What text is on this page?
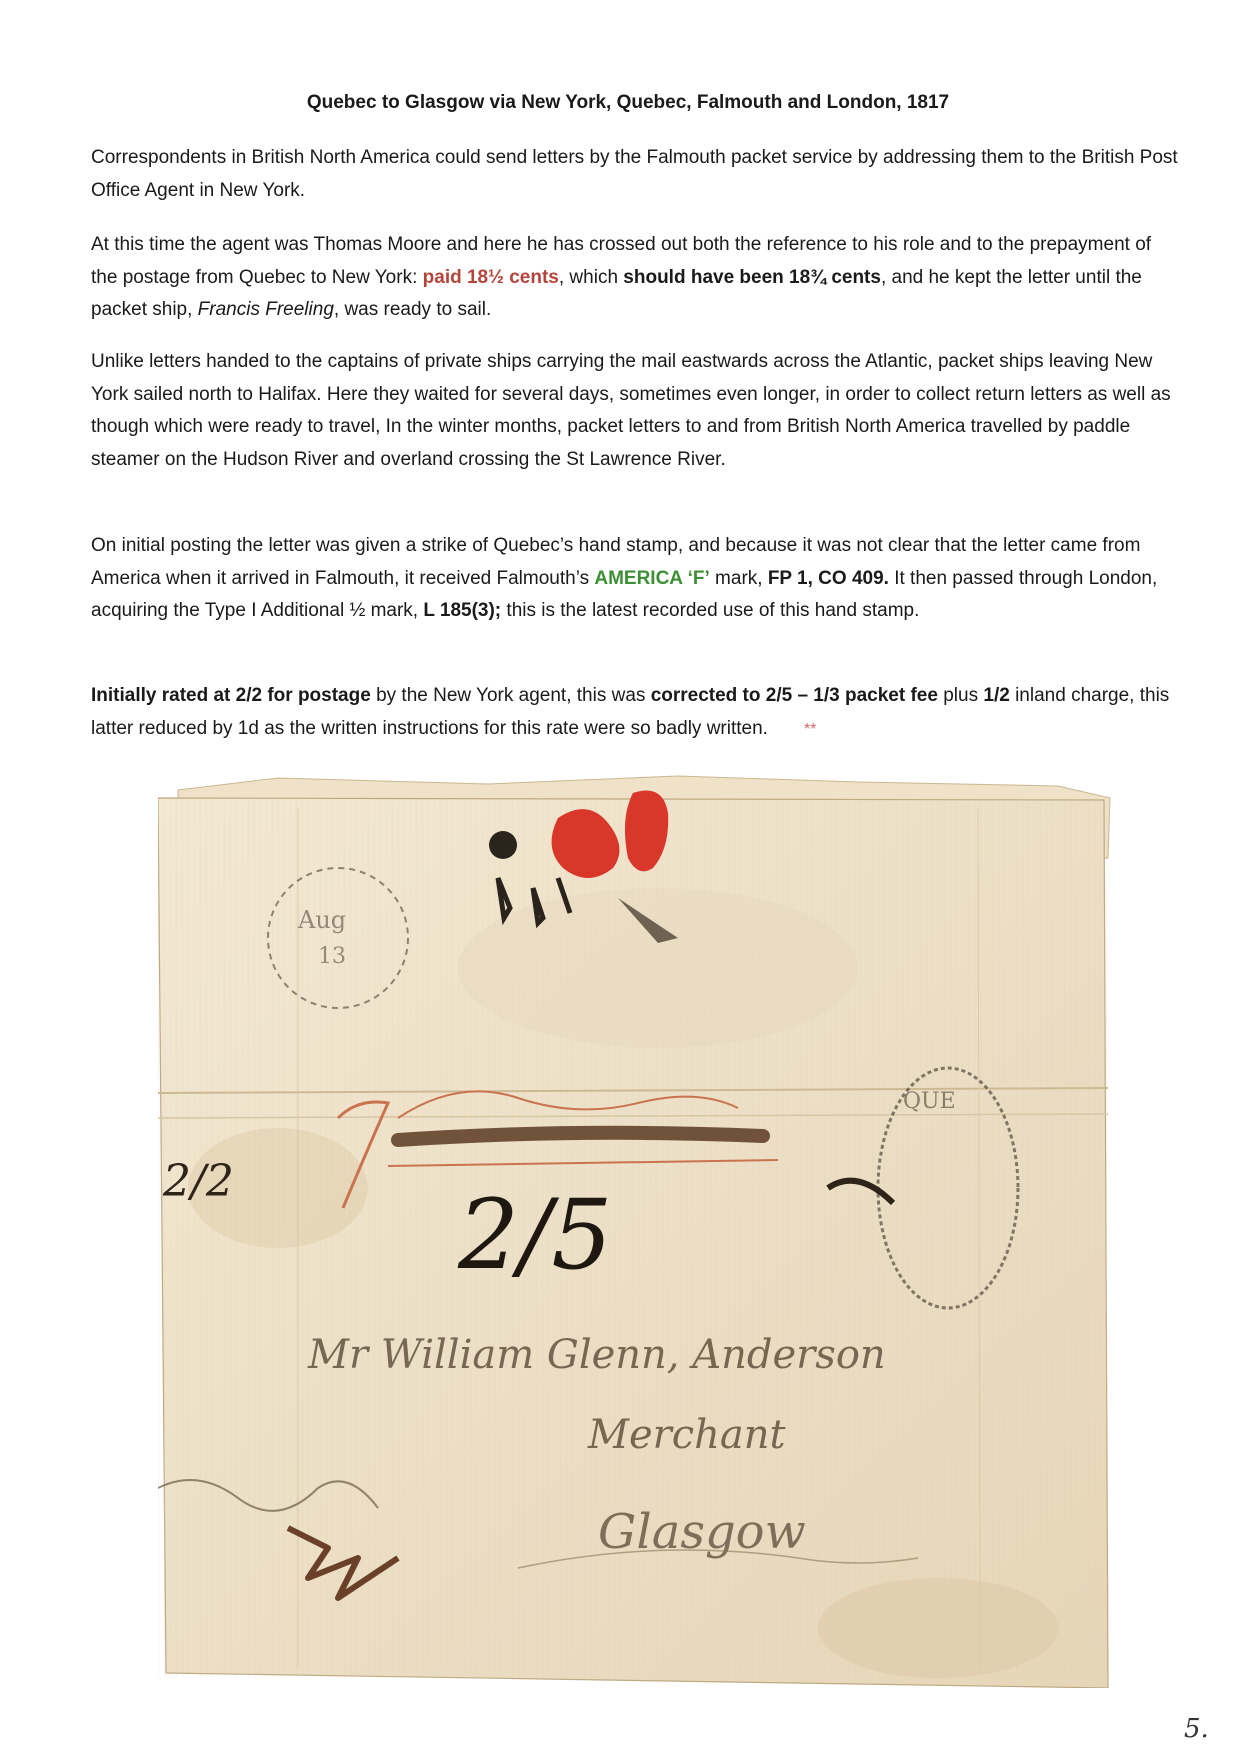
Quebec to Glasgow via New York, Quebec, Falmouth and London, 1817
Correspondents in British North America could send letters by the Falmouth packet service by addressing them to the British Post Office Agent in New York.
At this time the agent was Thomas Moore and here he has crossed out both the reference to his role and to the prepayment of the postage from Quebec to New York: paid 18½ cents, which should have been 18¾ cents, and he kept the letter until the packet ship, Francis Freeling, was ready to sail.
Unlike letters handed to the captains of private ships carrying the mail eastwards across the Atlantic, packet ships leaving New York sailed north to Halifax. Here they waited for several days, sometimes even longer, in order to collect return letters as well as though which were ready to travel, In the winter months, packet letters to and from British North America travelled by paddle steamer on the Hudson River and overland crossing the St Lawrence River.
On initial posting the letter was given a strike of Quebec’s hand stamp, and because it was not clear that the letter came from America when it arrived in Falmouth, it received Falmouth’s AMERICA ‘F’ mark, FP 1, CO 409. It then passed through London, acquiring the Type I Additional ½ mark, L 185(3); this is the latest recorded use of this hand stamp.
Initially rated at 2/2 for postage by the New York agent, this was corrected to 2/5 – 1/3 packet fee plus 1/2 inland charge, this latter reduced by 1d as the written instructions for this rate were so badly written. **
Aug
13
QUE
2/2 2/5
Mr William Glenn, Anderson
Merchant
Glasgow
5.
